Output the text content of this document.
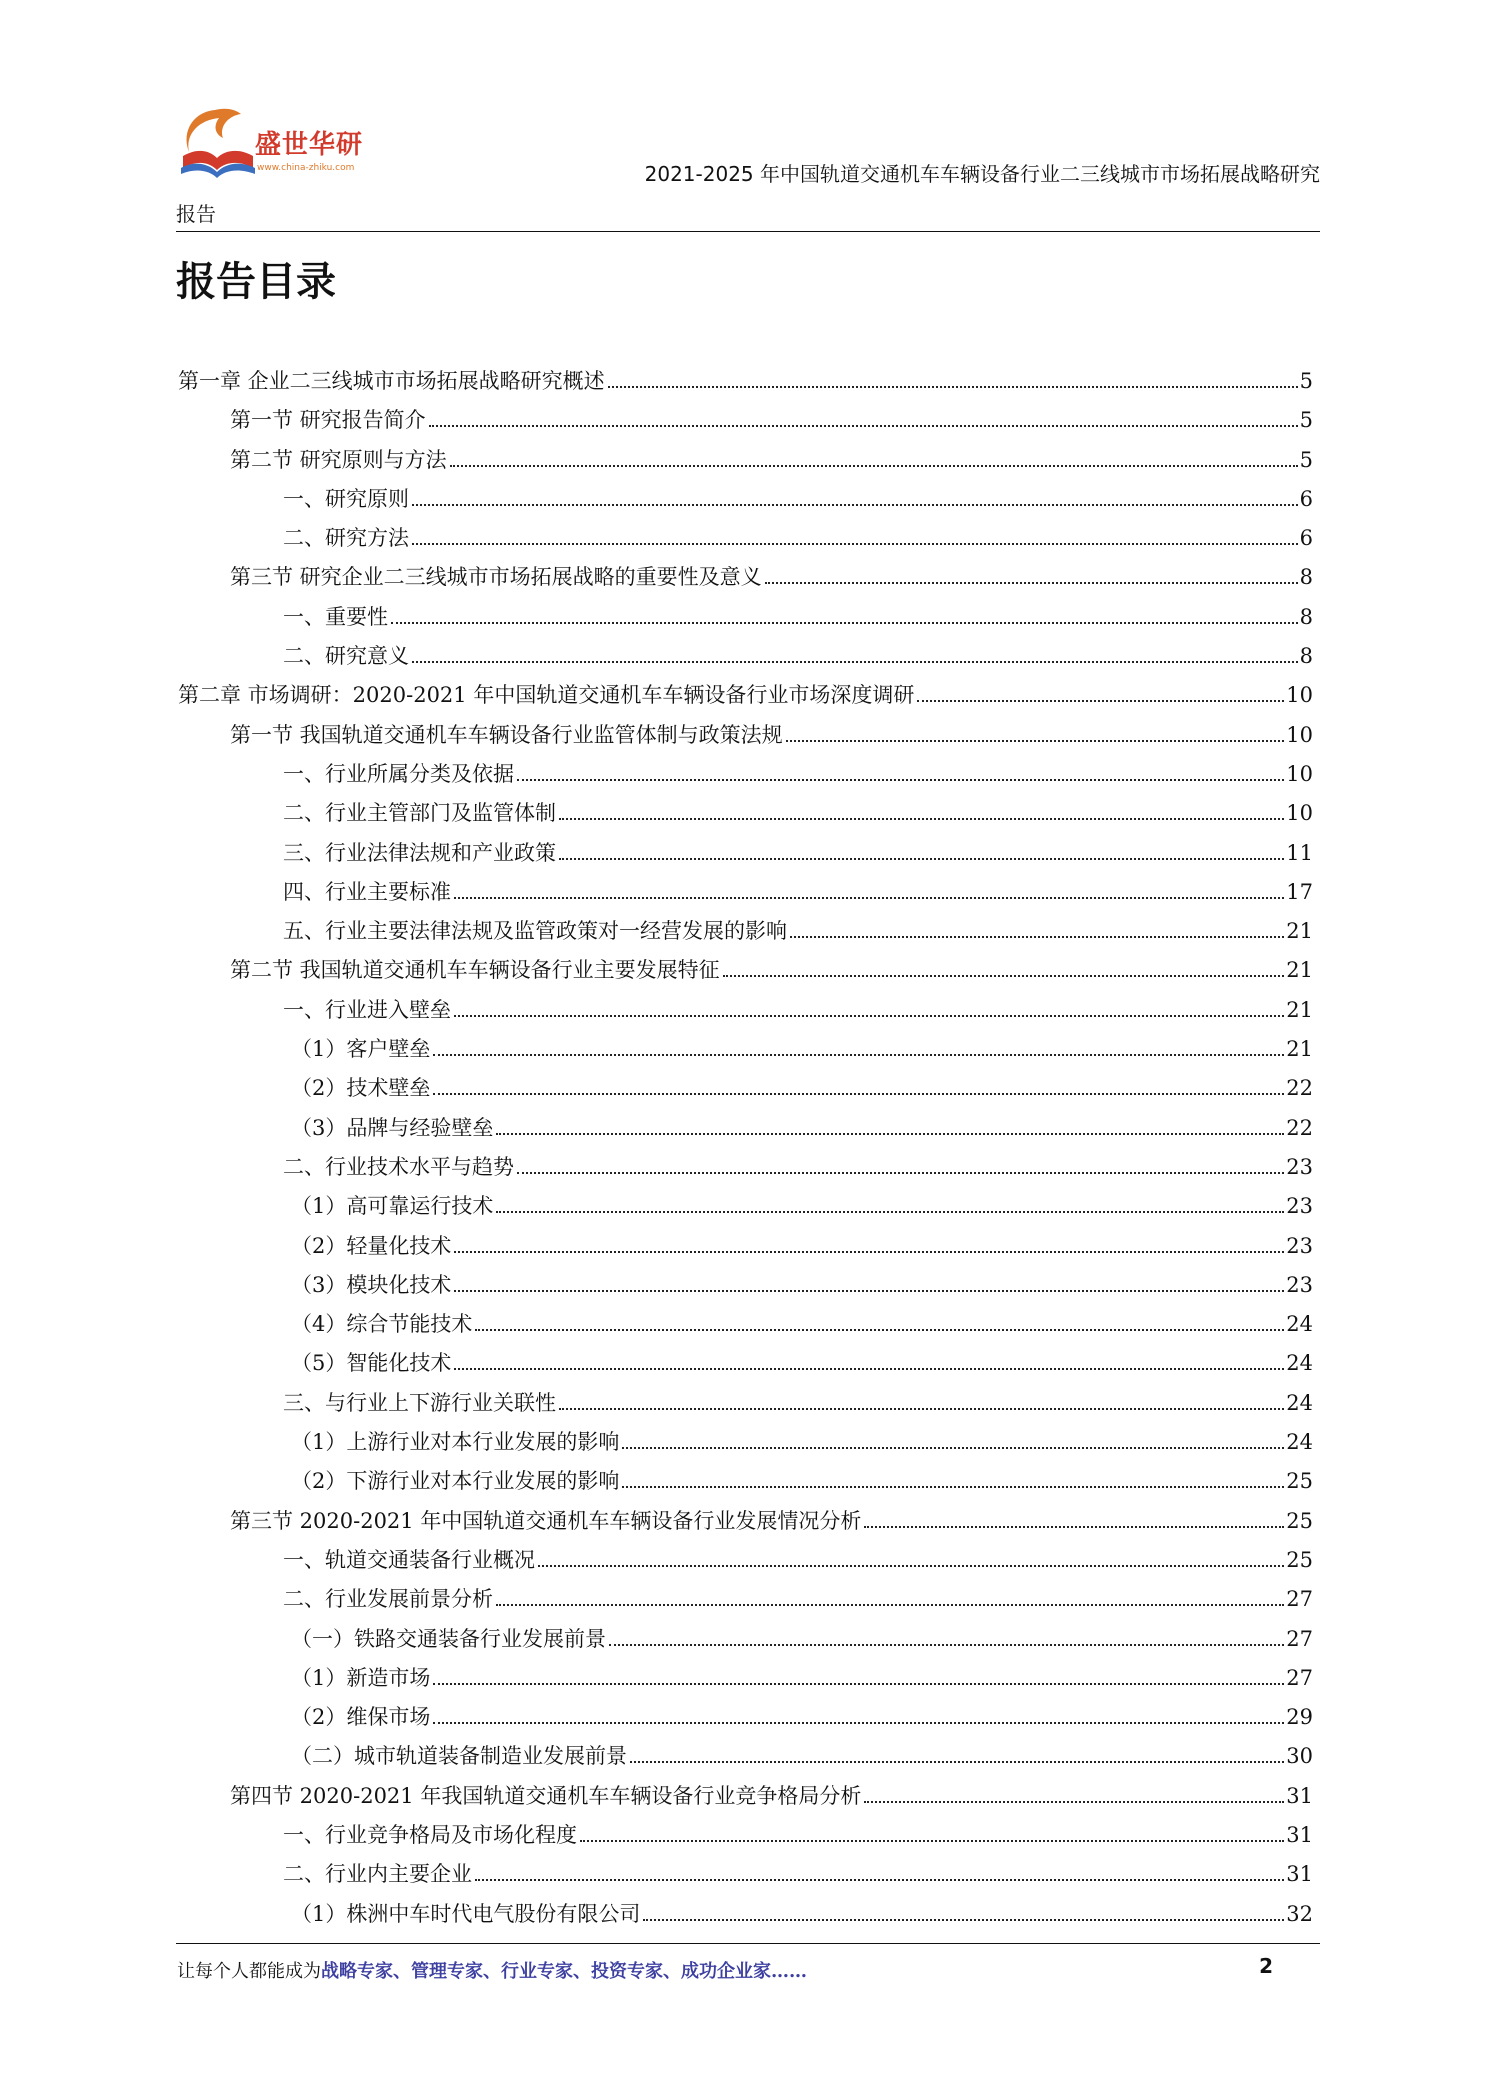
盛世华研
www.china-zhiku.com	2021-2025 年中国轨道交通机车车辆设备行业二三线城市市场拓展战略研究
报告
报告目录
第一章 企业二三线城市市场拓展战略研究概述	5
第一节 研究报告简介	5
第二节 研究原则与方法	5
一、研究原则	6
二、研究方法	6
第三节 研究企业二三线城市市场拓展战略的重要性及意义	8
一、重要性	8
二、研究意义	8
第二章 市场调研：2020-2021 年中国轨道交通机车车辆设备行业市场深度调研	10
第一节 我国轨道交通机车车辆设备行业监管体制与政策法规	10
一、行业所属分类及依据	10
二、行业主管部门及监管体制	10
三、行业法律法规和产业政策	11
四、行业主要标准	17
五、行业主要法律法规及监管政策对一经营发展的影响	21
第二节 我国轨道交通机车车辆设备行业主要发展特征	21
一、行业进入壁垒	21
（1）客户壁垒	21
（2）技术壁垒	22
（3）品牌与经验壁垒	22
二、行业技术水平与趋势	23
（1）高可靠运行技术	23
（2）轻量化技术	23
（3）模块化技术	23
（4）综合节能技术	24
（5）智能化技术	24
三、与行业上下游行业关联性	24
（1）上游行业对本行业发展的影响	24
（2）下游行业对本行业发展的影响	25
第三节 2020-2021 年中国轨道交通机车车辆设备行业发展情况分析	25
一、轨道交通装备行业概况	25
二、行业发展前景分析	27
（一）铁路交通装备行业发展前景	27
（1）新造市场	27
（2）维保市场	29
（二）城市轨道装备制造业发展前景	30
第四节 2020-2021 年我国轨道交通机车车辆设备行业竞争格局分析	31
一、行业竞争格局及市场化程度	31
二、行业内主要企业	31
（1）株洲中车时代电气股份有限公司	32
让每个人都能成为战略专家、管理专家、行业专家、投资专家、成功企业家……	2
